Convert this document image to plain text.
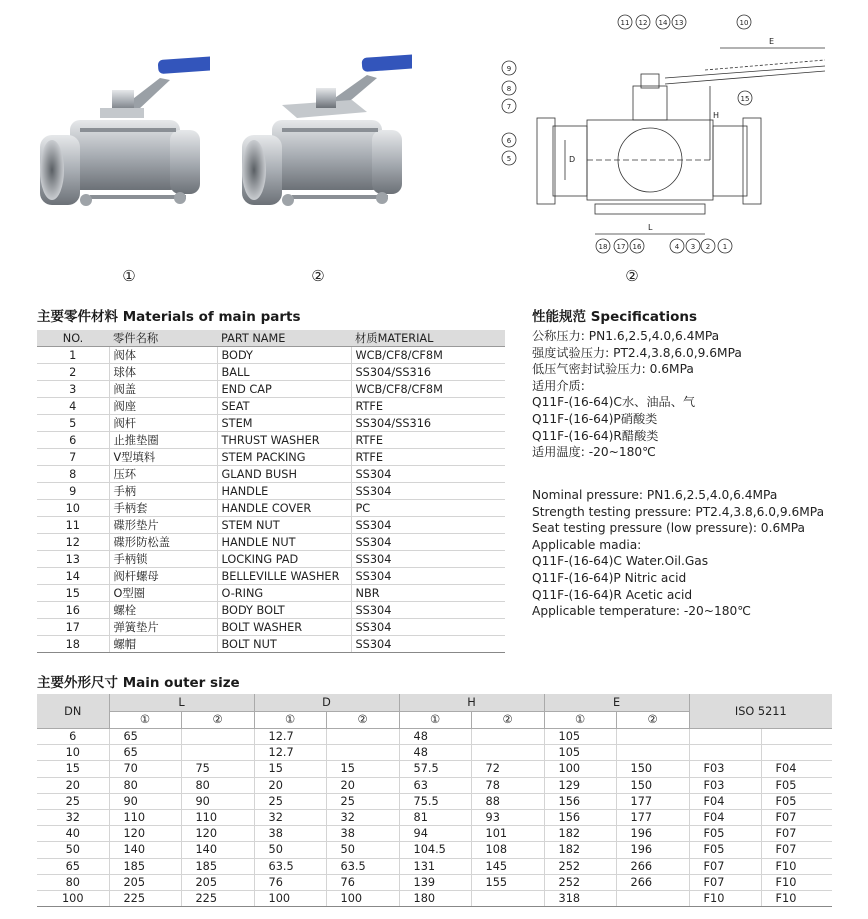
①	②
E
H
D
L
11 12 14 13	10
9
8
7
6
5
15
18 17 16	4 3 2 1
②
主要零件材料 Materials of main parts
NO.	零件名称	PART NAME	材质MATERIAL
1	阀体	BODY	WCB/CF8/CF8M
2	球体	BALL	SS304/SS316
3	阀盖	END CAP	WCB/CF8/CF8M
4	阀座	SEAT	RTFE
5	阀杆	STEM	SS304/SS316
6	止推垫圈	THRUST WASHER	RTFE
7	V型填料	STEM PACKING	RTFE
8	压环	GLAND BUSH	SS304
9	手柄	HANDLE	SS304
10	手柄套	HANDLE COVER	PC
11	碟形垫片	STEM NUT	SS304
12	碟形防松盖	HANDLE NUT	SS304
13	手柄锁	LOCKING PAD	SS304
14	阀杆螺母	BELLEVILLE WASHER	SS304
15	O型圈	O-RING	NBR
16	螺栓	BODY BOLT	SS304
17	弹簧垫片	BOLT WASHER	SS304
18	螺帽	BOLT NUT	SS304
性能规范 Specifications
公称压力: PN1.6,2.5,4.0,6.4MPa
强度试验压力: PT2.4,3.8,6.0,9.6MPa
低压气密封试验压力: 0.6MPa
适用介质:
Q11F-(16-64)C水、油品、气
Q11F-(16-64)P硝酸类
Q11F-(16-64)R醋酸类
适用温度: -20~180℃
Nominal pressure: PN1.6,2.5,4.0,6.4MPa
Strength testing pressure: PT2.4,3.8,6.0,9.6MPa
Seat testing pressure (low pressure): 0.6MPa
Applicable madia:
Q11F-(16-64)C Water.Oil.Gas
Q11F-(16-64)P Nitric acid
Q11F-(16-64)R Acetic acid
Applicable temperature: -20~180℃
主要外形尺寸 Main outer size
DN	L		D		H		E		ISO 5211	
	①	②	①	②	①	②	①	②		
6	65		12.7		48		105			
10	65		12.7		48		105			
15	70	75	15	15	57.5	72	100	150	F03	F04
20	80	80	20	20	63	78	129	150	F03	F05
25	90	90	25	25	75.5	88	156	177	F04	F05
32	110	110	32	32	81	93	156	177	F04	F07
40	120	120	38	38	94	101	182	196	F05	F07
50	140	140	50	50	104.5	108	182	196	F05	F07
65	185	185	63.5	63.5	131	145	252	266	F07	F10
80	205	205	76	76	139	155	252	266	F07	F10
100	225	225	100	100	180		318		F10	F10
